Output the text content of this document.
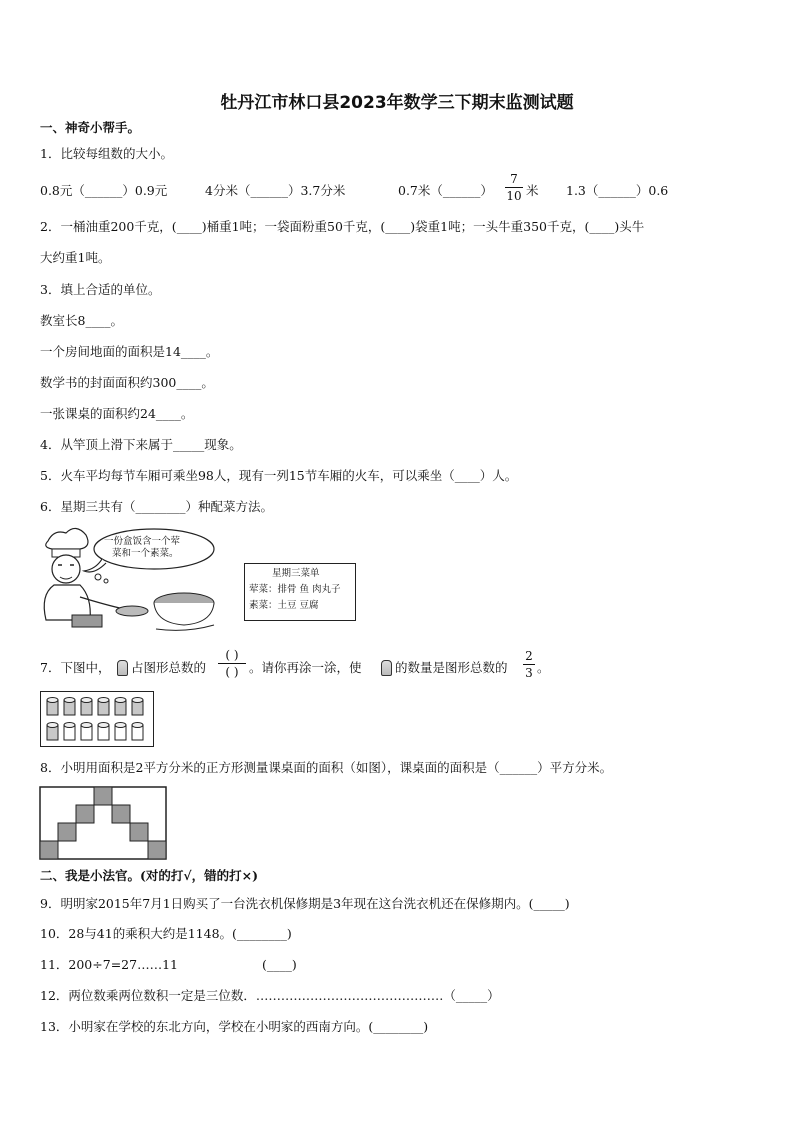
牡丹江市林口县2023年数学三下期末监测试题
一、神奇小帮手。
1．比较每组数的大小。
0.8元（______）0.9元	4分米（______）3.7分米	0.7米（______）
7
10 米 1.3（______）0.6
2．一桶油重200千克，(____)桶重1吨；一袋面粉重50千克，(____)袋重1吨；一头牛重350千克，(____)头牛
大约重1吨。
3．填上合适的单位。
教室长8____。
一个房间地面的面积是14____。
数学书的封面面积约300____。
一张课桌的面积约24____。
4．从竿顶上滑下来属于_____现象。
5．火车平均每节车厢可乘坐98人，现有一列15节车厢的火车，可以乘坐（____）人。
6．星期三共有（________）种配菜方法。
一份盒饭含一个荤
菜和一个素菜。
星期三菜单
荤菜：排骨 鱼 肉丸子
素菜：土豆 豆腐
7．下图中， 占图形总数的
( )
( ) 。请你再涂一涂，使	的数量是图形总数的
2
3 。
8．小明用面积是2平方分米的正方形测量课桌面的面积（如图），课桌面的面积是（______）平方分米。
二、我是小法官。(对的打√，错的打×)
9．明明家2015年7月1日购买了一台洗衣机保修期是3年现在这台洗衣机还在保修期内。(_____)
10．28与41的乘积大约是1148。(________)
11．200÷7=27……11	(____)
12．两位数乘两位数积一定是三位数．………………………………………（_____）
13．小明家在学校的东北方向，学校在小明家的西南方向。(________)
